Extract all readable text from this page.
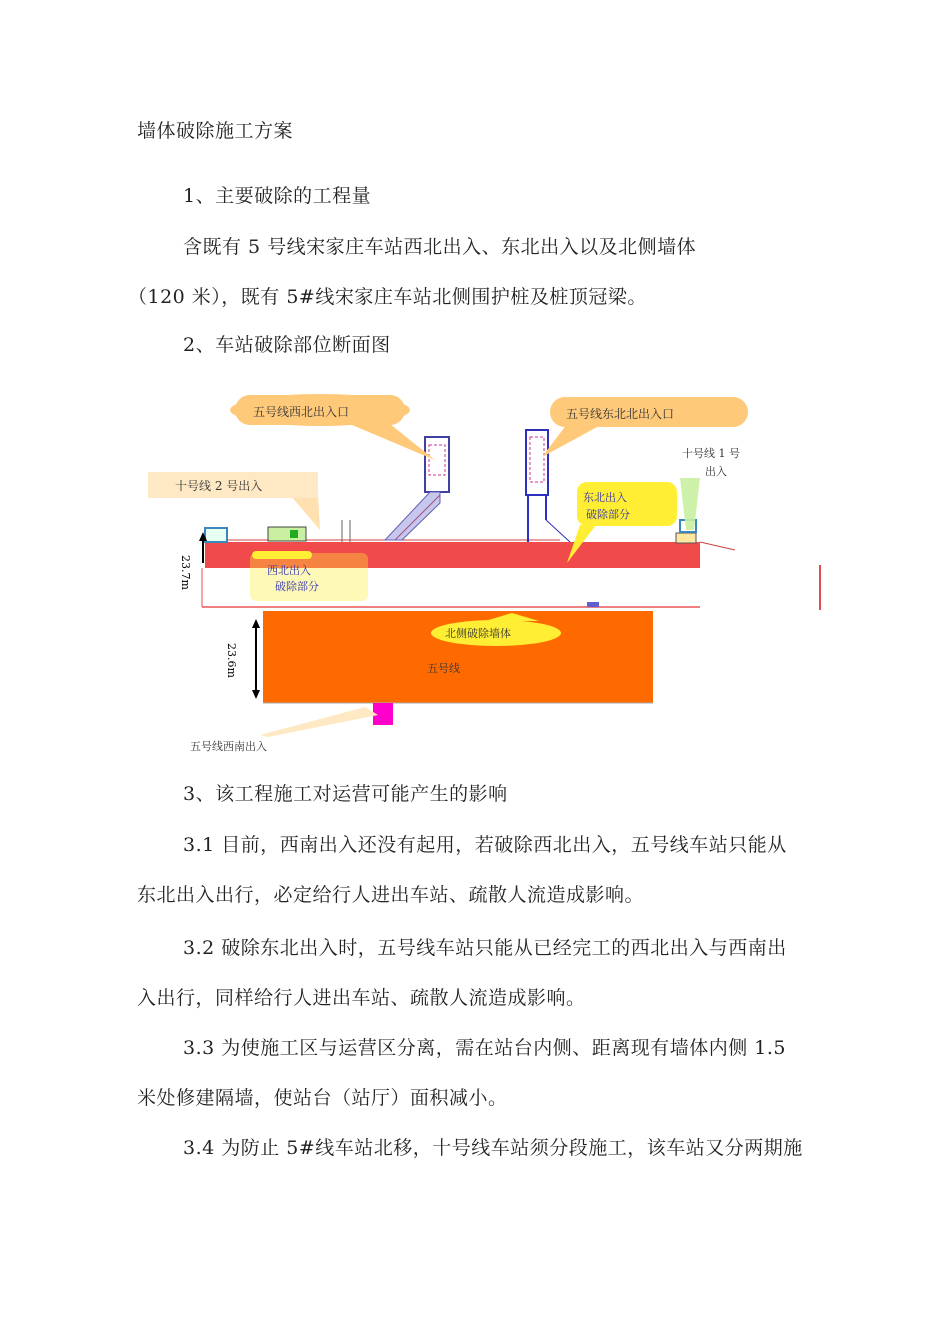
墙体破除施工方案
1、主要破除的工程量
含既有 5 号线宋家庄车站西北出入、东北出入以及北侧墙体
（120 米），既有 5#线宋家庄车站北侧围护桩及桩顶冠梁。
2、车站破除部位断面图
23.7m
23.6m
五号线西北出入口	五号线东北北出入口
十号线 2 号出入
十号线 1 号
出入
东北出入
破除部分
西北出入
破除部分
北侧破除墙体
五号线
五号线西南出入
3、该工程施工对运营可能产生的影响
3.1 目前，西南出入还没有起用，若破除西北出入，五号线车站只能从
东北出入出行，必定给行人进出车站、疏散人流造成影响。
3.2 破除东北出入时，五号线车站只能从已经完工的西北出入与西南出
入出行，同样给行人进出车站、疏散人流造成影响。
3.3 为使施工区与运营区分离，需在站台内侧、距离现有墙体内侧 1.5
米处修建隔墙，使站台（站厅）面积减小。
3.4 为防止 5#线车站北移，十号线车站须分段施工，该车站又分两期施
